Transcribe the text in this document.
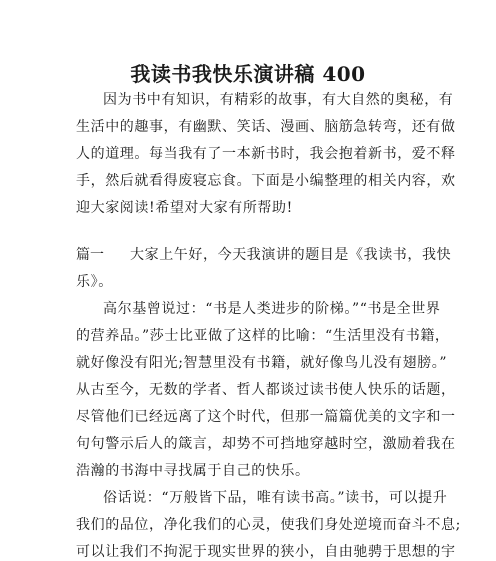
我读书我快乐演讲稿 400
因为书中有知识，有精彩的故事，有大自然的奥秘，有
生活中的趣事，有幽默、笑话、漫画、脑筋急转弯，还有做
人的道理。每当我有了一本新书时，我会抱着新书，爱不释
手，然后就看得废寝忘食。下面是小编整理的相关内容，欢
迎大家阅读!希望对大家有所帮助!
篇一 大家上午好，今天我演讲的题目是《我读书，我快
乐》。
高尔基曾说过：“书是人类进步的阶梯。”“书是全世界
的营养品。”莎士比亚做了这样的比喻：“生活里没有书籍，
就好像没有阳光;智慧里没有书籍，就好像鸟儿没有翅膀。”
从古至今，无数的学者、哲人都谈过读书使人快乐的话题，
尽管他们已经远离了这个时代，但那一篇篇优美的文字和一
句句警示后人的箴言，却势不可挡地穿越时空，激励着我在
浩瀚的书海中寻找属于自己的快乐。
俗话说：“万般皆下品，唯有读书高。”读书，可以提升
我们的品位，净化我们的心灵，使我们身处逆境而奋斗不息;
可以让我们不拘泥于现实世界的狭小，自由驰骋于思想的宇
